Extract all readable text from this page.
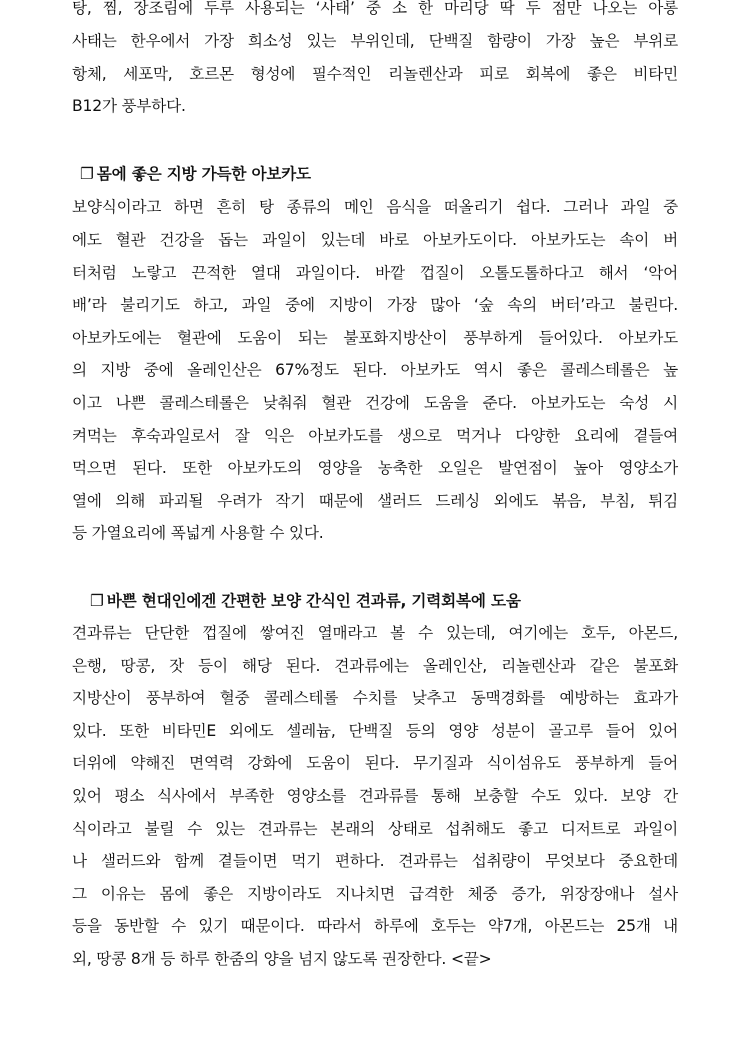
탕, 찜, 장조림에 두루 사용되는 ‘사태’ 중 소 한 마리당 딱 두 점만 나오는 아롱
사태는 한우에서 가장 희소성 있는 부위인데, 단백질 함량이 가장 높은 부위로
항체, 세포막, 호르몬 형성에 필수적인 리놀렌산과 피로 회복에 좋은 비타민
B12가 풍부하다.
❐ 몸에 좋은 지방 가득한 아보카도
보양식이라고 하면 흔히 탕 종류의 메인 음식을 떠올리기 쉽다. 그러나 과일 중
에도 혈관 건강을 돕는 과일이 있는데 바로 아보카도이다. 아보카도는 속이 버
터처럼 노랗고 끈적한 열대 과일이다. 바깥 껍질이 오톨도톨하다고 해서 ‘악어
배’라 불리기도 하고, 과일 중에 지방이 가장 많아 ‘숲 속의 버터’라고 불린다.
아보카도에는 혈관에 도움이 되는 불포화지방산이 풍부하게 들어있다. 아보카도
의 지방 중에 올레인산은 67%정도 된다. 아보카도 역시 좋은 콜레스테롤은 높
이고 나쁜 콜레스테롤은 낮춰줘 혈관 건강에 도움을 준다. 아보카도는 숙성 시
켜먹는 후숙과일로서 잘 익은 아보카도를 생으로 먹거나 다양한 요리에 곁들여
먹으면 된다. 또한 아보카도의 영양을 농축한 오일은 발연점이 높아 영양소가
열에 의해 파괴될 우려가 작기 때문에 샐러드 드레싱 외에도 볶음, 부침, 튀김
등 가열요리에 폭넓게 사용할 수 있다.
❐ 바쁜 현대인에겐 간편한 보양 간식인 견과류, 기력회복에 도움
견과류는 단단한 껍질에 쌓여진 열매라고 볼 수 있는데, 여기에는 호두, 아몬드,
은행, 땅콩, 잣 등이 해당 된다. 견과류에는 올레인산, 리놀렌산과 같은 불포화
지방산이 풍부하여 혈중 콜레스테롤 수치를 낮추고 동맥경화를 예방하는 효과가
있다. 또한 비타민E 외에도 셀레늄, 단백질 등의 영양 성분이 골고루 들어 있어
더위에 약해진 면역력 강화에 도움이 된다. 무기질과 식이섬유도 풍부하게 들어
있어 평소 식사에서 부족한 영양소를 견과류를 통해 보충할 수도 있다. 보양 간
식이라고 불릴 수 있는 견과류는 본래의 상태로 섭취해도 좋고 디저트로 과일이
나 샐러드와 함께 곁들이면 먹기 편하다. 견과류는 섭취량이 무엇보다 중요한데
그 이유는 몸에 좋은 지방이라도 지나치면 급격한 체중 증가, 위장장애나 설사
등을 동반할 수 있기 때문이다. 따라서 하루에 호두는 약7개, 아몬드는 25개 내
외, 땅콩 8개 등 하루 한줌의 양을 넘지 않도록 권장한다. <끝>
